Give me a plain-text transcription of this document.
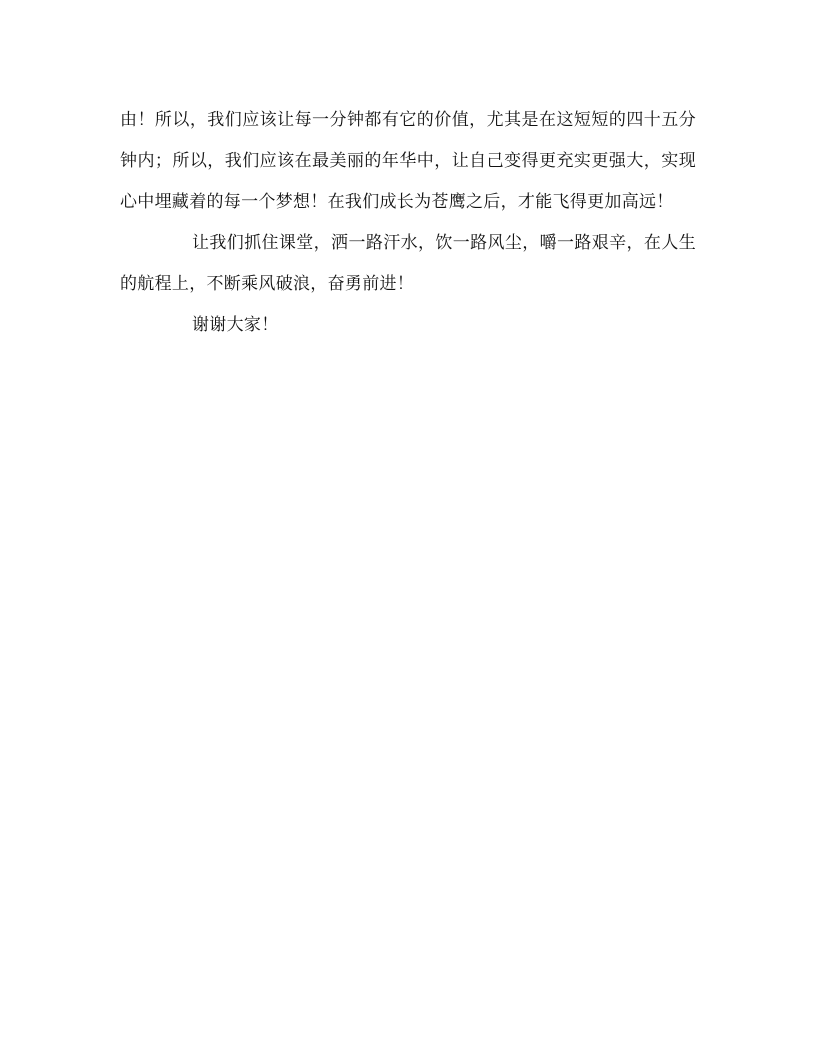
由！所以，我们应该让每一分钟都有它的价值，尤其是在这短短的四十五分钟内；所以，我们应该在最美丽的年华中，让自己变得更充实更强大，实现心中埋藏着的每一个梦想！在我们成长为苍鹰之后，才能飞得更加高远！

让我们抓住课堂，洒一路汗水，饮一路风尘，嚼一路艰辛，在人生的航程上，不断乘风破浪，奋勇前进！

谢谢大家！
